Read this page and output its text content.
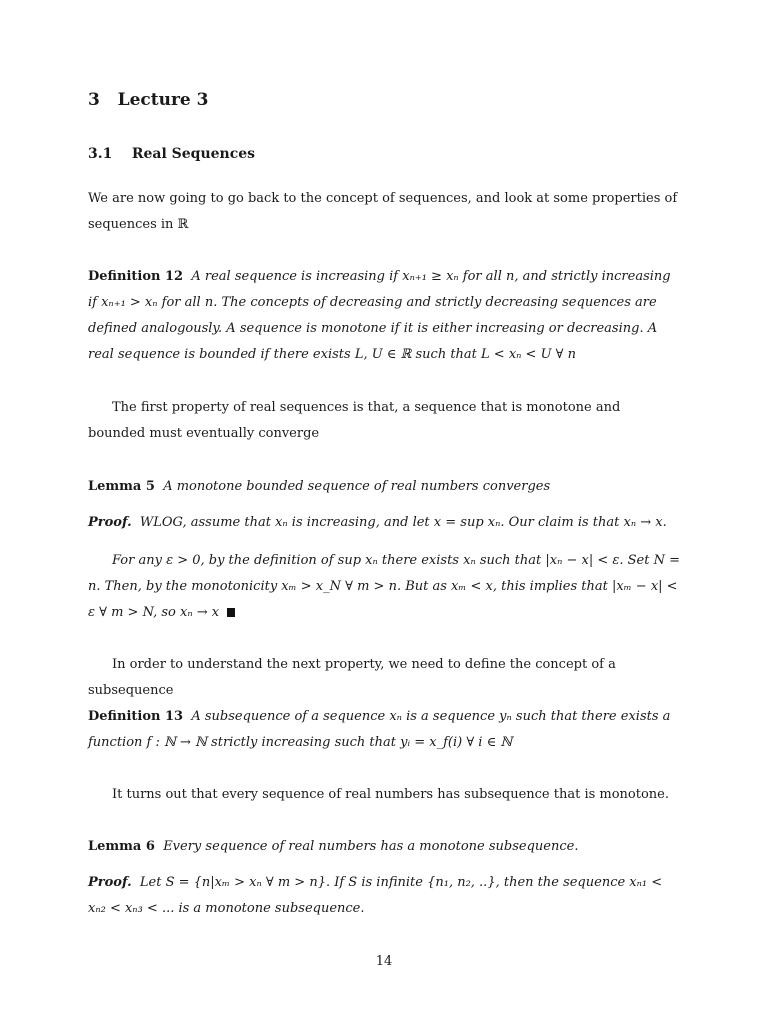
3 Lecture 3
3.1 Real Sequences

We are now going to go back to the concept of sequences, and look at some properties of sequences in ℝ

Definition 12 A real sequence is increasing if xₙ₊₁ ≥ xₙ for all n, and strictly increasing if xₙ₊₁ > xₙ for all n. The concepts of decreasing and strictly decreasing sequences are defined analogously. A sequence is monotone if it is either increasing or decreasing. A real sequence is bounded if there exists L, U ∈ ℝ such that L < xₙ < U ∀ n

The first property of real sequences is that, a sequence that is monotone and bounded must eventually converge

Lemma 5 A monotone bounded sequence of real numbers converges

Proof. WLOG, assume that xₙ is increasing, and let x = sup xₙ. Our claim is that xₙ → x.

For any ε > 0, by the definition of sup xₙ there exists xₙ such that |xₙ − x| < ε. Set N = n. Then, by the monotonicity xₘ > x_N ∀ m > n. But as xₘ < x, this implies that |xₘ − x| < ε ∀ m > N, so xₙ → x

In order to understand the next property, we need to define the concept of a subsequence

Definition 13 A subsequence of a sequence xₙ is a sequence yₙ such that there exists a function f : ℕ → ℕ strictly increasing such that yᵢ = x_f(i) ∀ i ∈ ℕ

It turns out that every sequence of real numbers has subsequence that is monotone.

Lemma 6 Every sequence of real numbers has a monotone subsequence.

Proof. Let S = {n|xₘ > xₙ ∀ m > n}. If S is infinite {n₁, n₂, ..}, then the sequence xₙ₁ < xₙ₂ < xₙ₃ < ... is a monotone subsequence.

14
